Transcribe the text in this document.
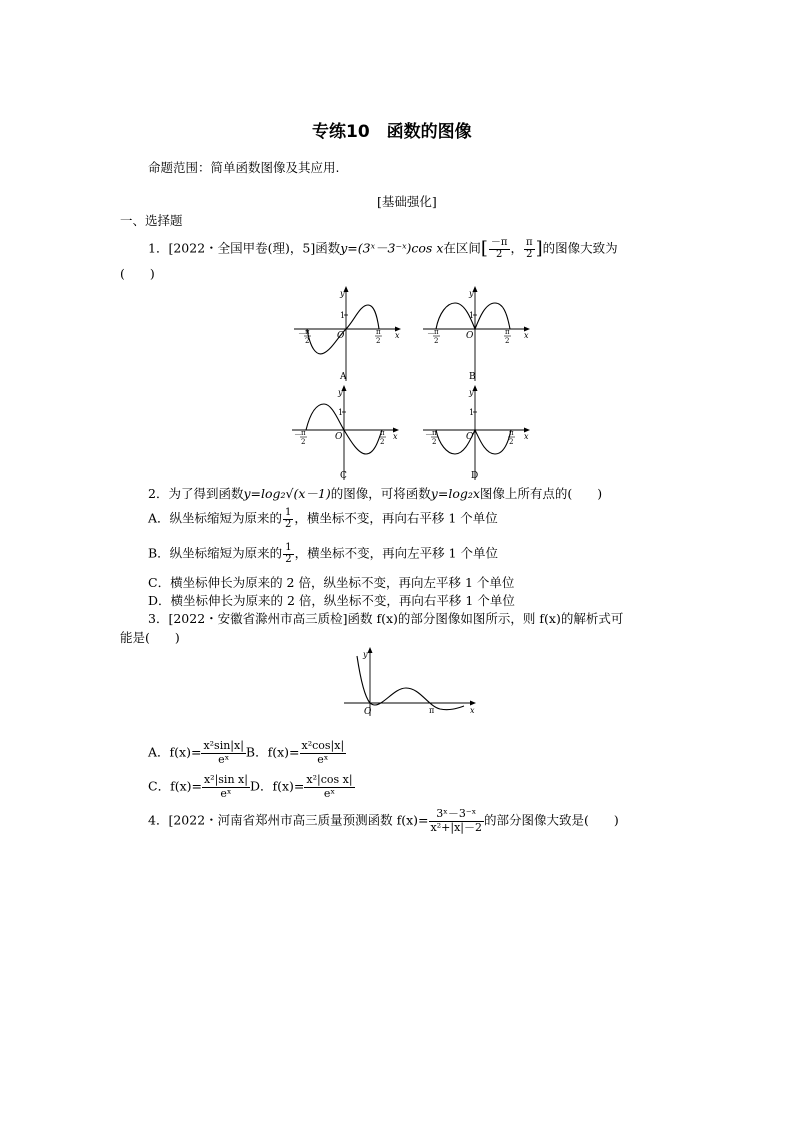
专练10　函数的图像
命题范围：简单函数图像及其应用.
[基础强化]
一、选择题
1．[2022・全国甲卷(理)，5]函数y=(3ˣ－3⁻ˣ)cos x在区间[ $\frac{-\pi}{2}$ ， $\frac{\pi}{2}$ ]的图像大致为
(　　)
y
x
O
1
－ π
2
π
2
A
y
x
O
1
－ π
2
π
2
B
y
x
O
1
－ π
2
π
2
C
y
x
O
1
－ π
2
π
2
D
2．为了得到函数y=log₂√(x－1)的图像，可将函数y=log₂x图像上所有点的(　　)
A．纵坐标缩短为原来的 $\frac{1}{2}$ ，横坐标不变，再向右平移 1 个单位
B．纵坐标缩短为原来的 $\frac{1}{2}$ ，横坐标不变，再向左平移 1 个单位
C．横坐标伸长为原来的 2 倍，纵坐标不变，再向左平移 1 个单位
D．横坐标伸长为原来的 2 倍，纵坐标不变，再向右平移 1 个单位
3．[2022・安徽省滁州市高三质检]函数 f(x)的部分图像如图所示，则 f(x)的解析式可
能是(　　)
y
x
O	π
A．$f(x)= \frac{\text{x²sin|x|}}{\text{eˣ}}$ B．$f(x)= \frac{\text{x²cos|x|}}{\text{eˣ}}$
C．$f(x)= \frac{\text{x²|sin x|}}{\text{eˣ}}$ D．$f(x)= \frac{\text{x²|cos x|}}{\text{eˣ}}$
4．[2022・河南省郑州市高三质量预测函数 $f(x)= \frac{\text{3ˣ－3⁻ˣ}}{\text{x²+|x|－2}}$ 的部分图像大致是(　　)
